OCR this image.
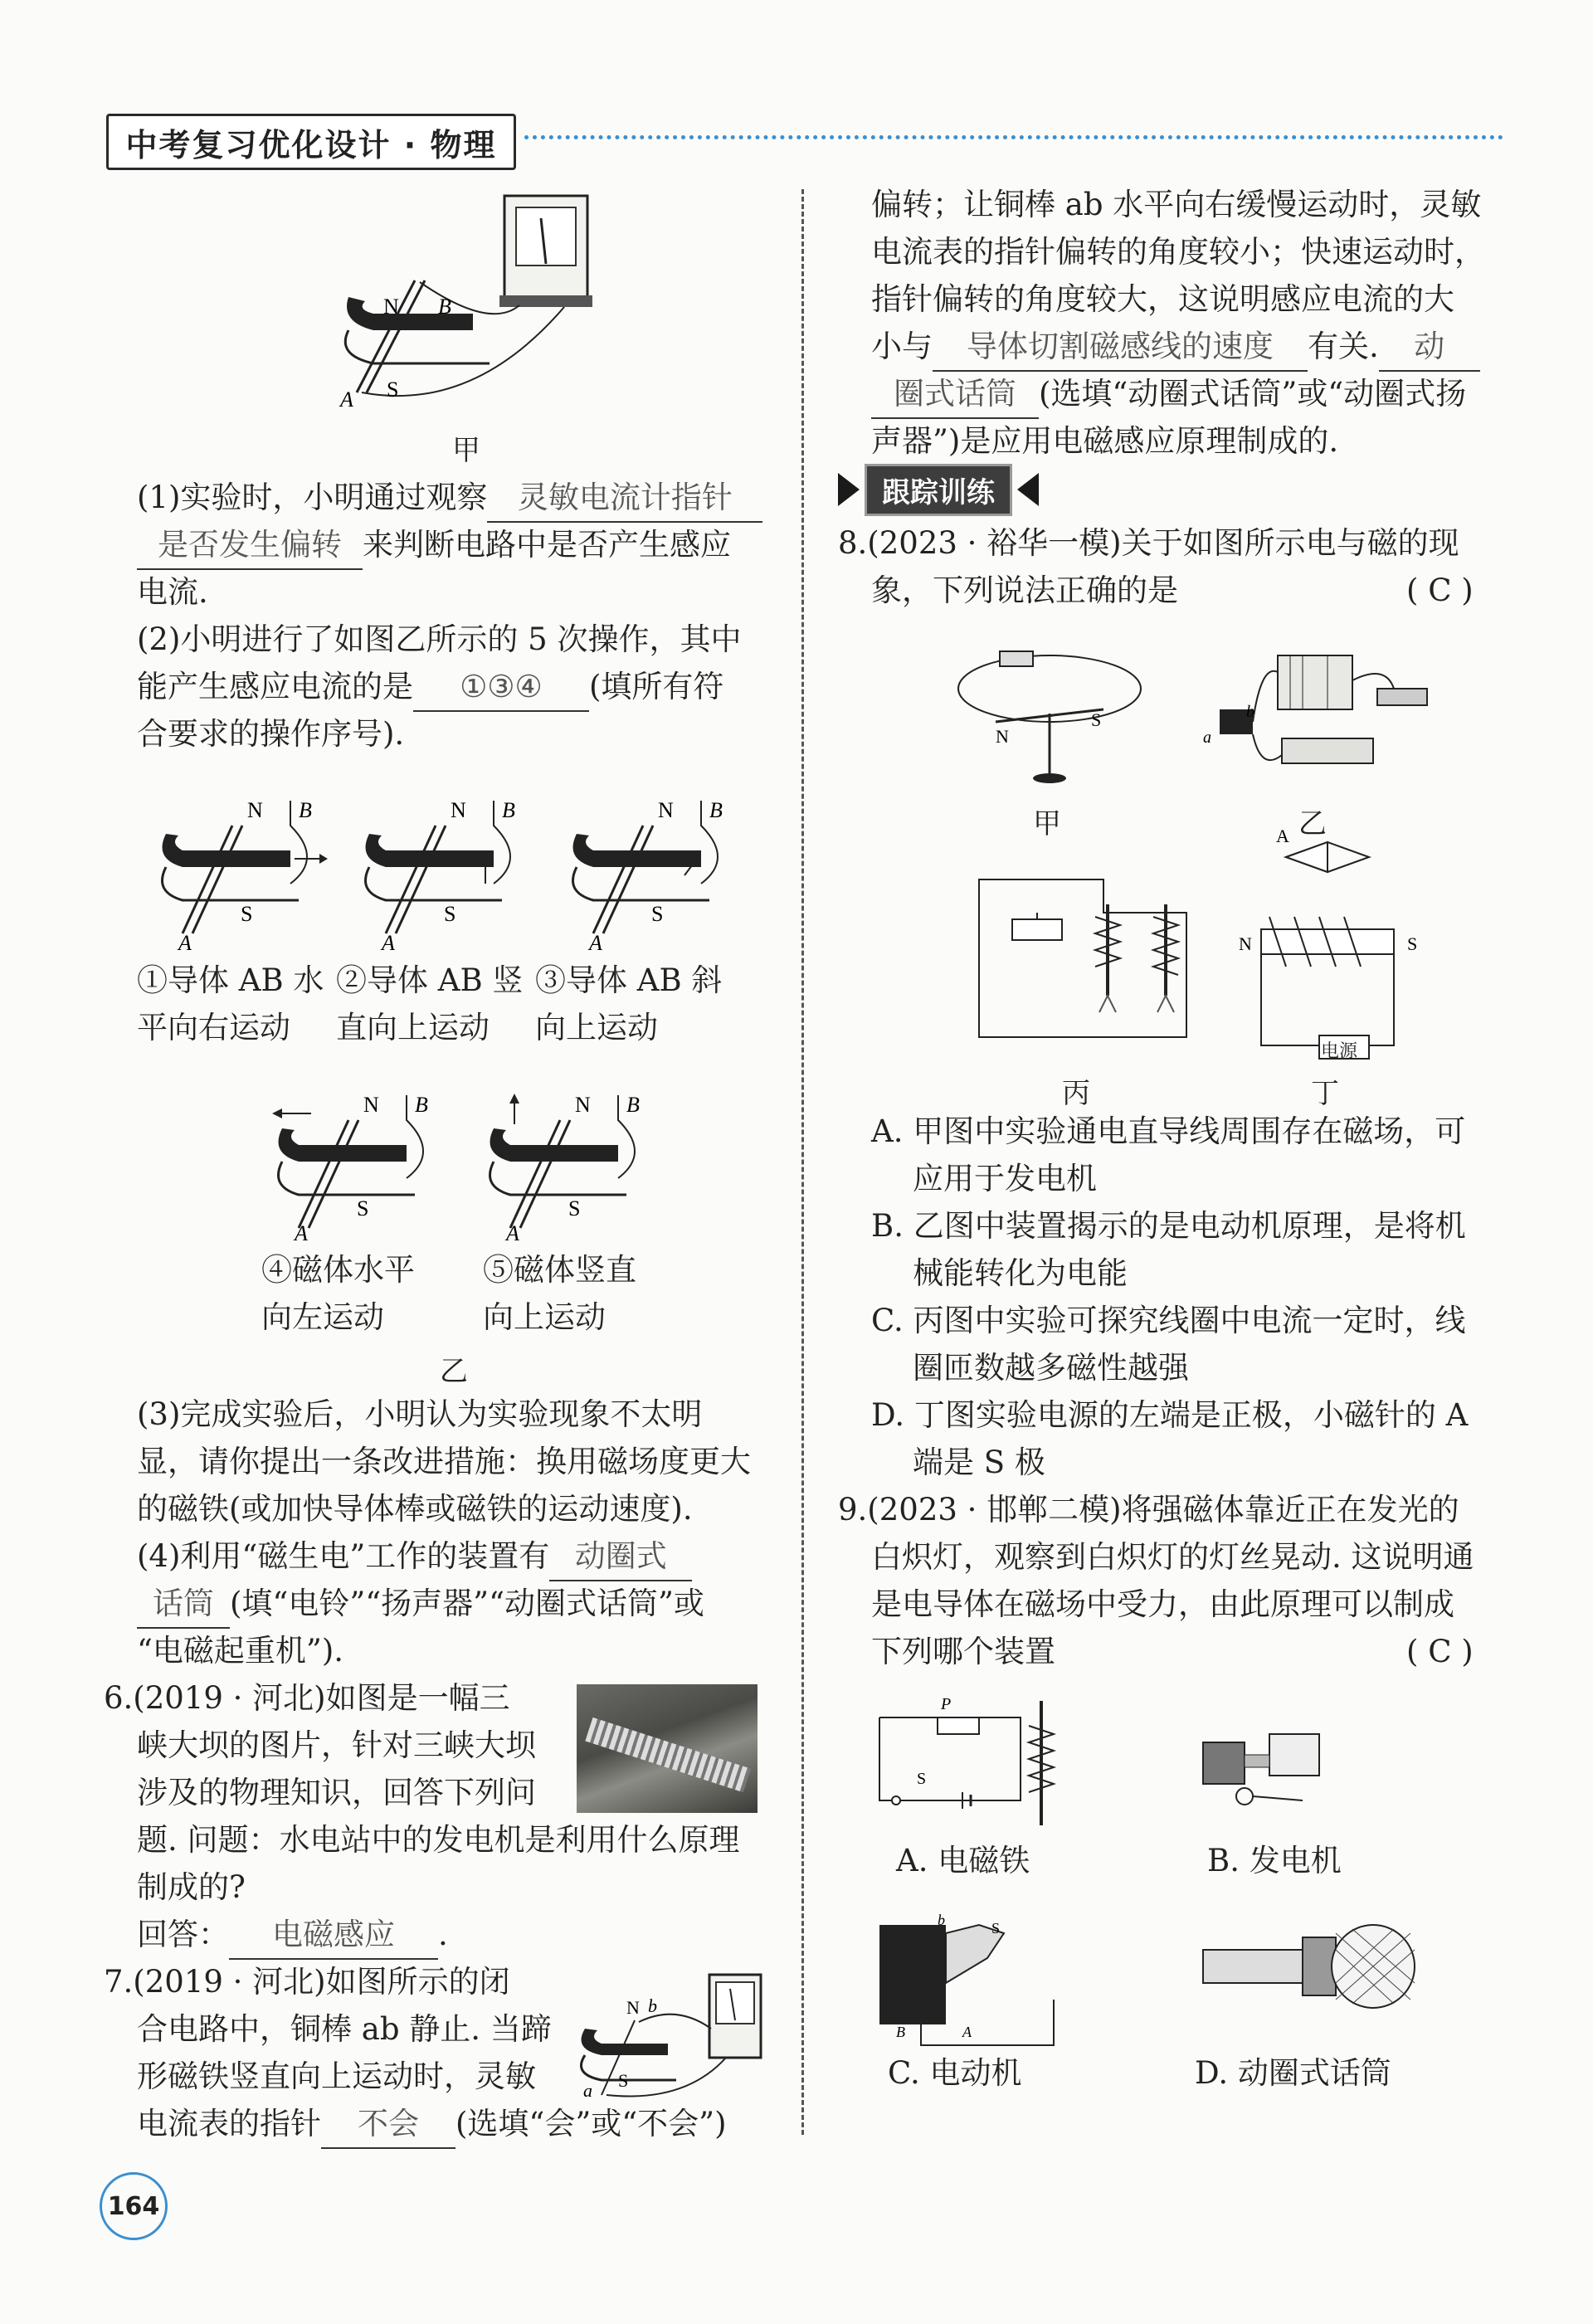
中考复习优化设计 · 物理
N B
S
A
甲
(1)实验时，小明通过观察 灵敏电流计指针
是否发生偏转 来判断电路中是否产生感应
电流.
(2)小明进行了如图乙所示的 5 次操作，其中
能产生感应电流的是 ①③④ (填所有符
合要求的操作序号).
N B
S
A
N B
S
A
N B
S
A
①导体 AB 水
平向右运动
②导体 AB 竖
直向上运动
③导体 AB 斜
向上运动
N B
S
A
N B
S
A
④磁体水平
向左运动
⑤磁体竖直
向上运动
乙
(3)完成实验后，小明认为实验现象不太明
显，请你提出一条改进措施：换用磁场度更大
的磁铁(或加快导体棒或磁铁的运动速度).
(4)利用“磁生电”工作的装置有 动圈式
话筒 (填“电铃”“扬声器”“动圈式话筒”或
“电磁起重机”).
6.(2019 · 河北)如图是一幅三
峡大坝的图片，针对三峡大坝
涉及的物理知识，回答下列问
题. 问题：水电站中的发电机是利用什么原理
制成的?
回答： 电磁感应 .
7.(2019 · 河北)如图所示的闭
合电路中，铜棒 ab 静止. 当蹄
形磁铁竖直向上运动时，灵敏
电流表的指针 不会 (选填“会”或“不会”)
N b
S
a
偏转；让铜棒 ab 水平向右缓慢运动时，灵敏
电流表的指针偏转的角度较小；快速运动时，
指针偏转的角度较大，这说明感应电流的大
小与 导体切割磁感线的速度 有关. 动
圈式话筒 (选填“动圈式话筒”或“动圈式扬
声器”)是应用电磁感应原理制成的.
跟踪训练
8.(2023 · 裕华一模)关于如图所示电与磁的现
象，下列说法正确的是	( C )
N
S
a
b
A
N	S
甲	乙
电源
丙	丁
A. 甲图中实验通电直导线周围存在磁场，可
应用于发电机
B. 乙图中装置揭示的是电动机原理，是将机
械能转化为电能
C. 丙图中实验可探究线圈中电流一定时，线
圈匝数越多磁性越强
D. 丁图实验电源的左端是正极，小磁针的 A
端是 S 极
9.(2023 · 邯郸二模)将强磁体靠近正在发光的
白炽灯，观察到白炽灯的灯丝晃动. 这说明通
是电导体在磁场中受力，由此原理可以制成
下列哪个装置	( C )
P
S
b	S
B	A
A. 电磁铁	B. 发电机
C. 电动机	D. 动圈式话筒
164
